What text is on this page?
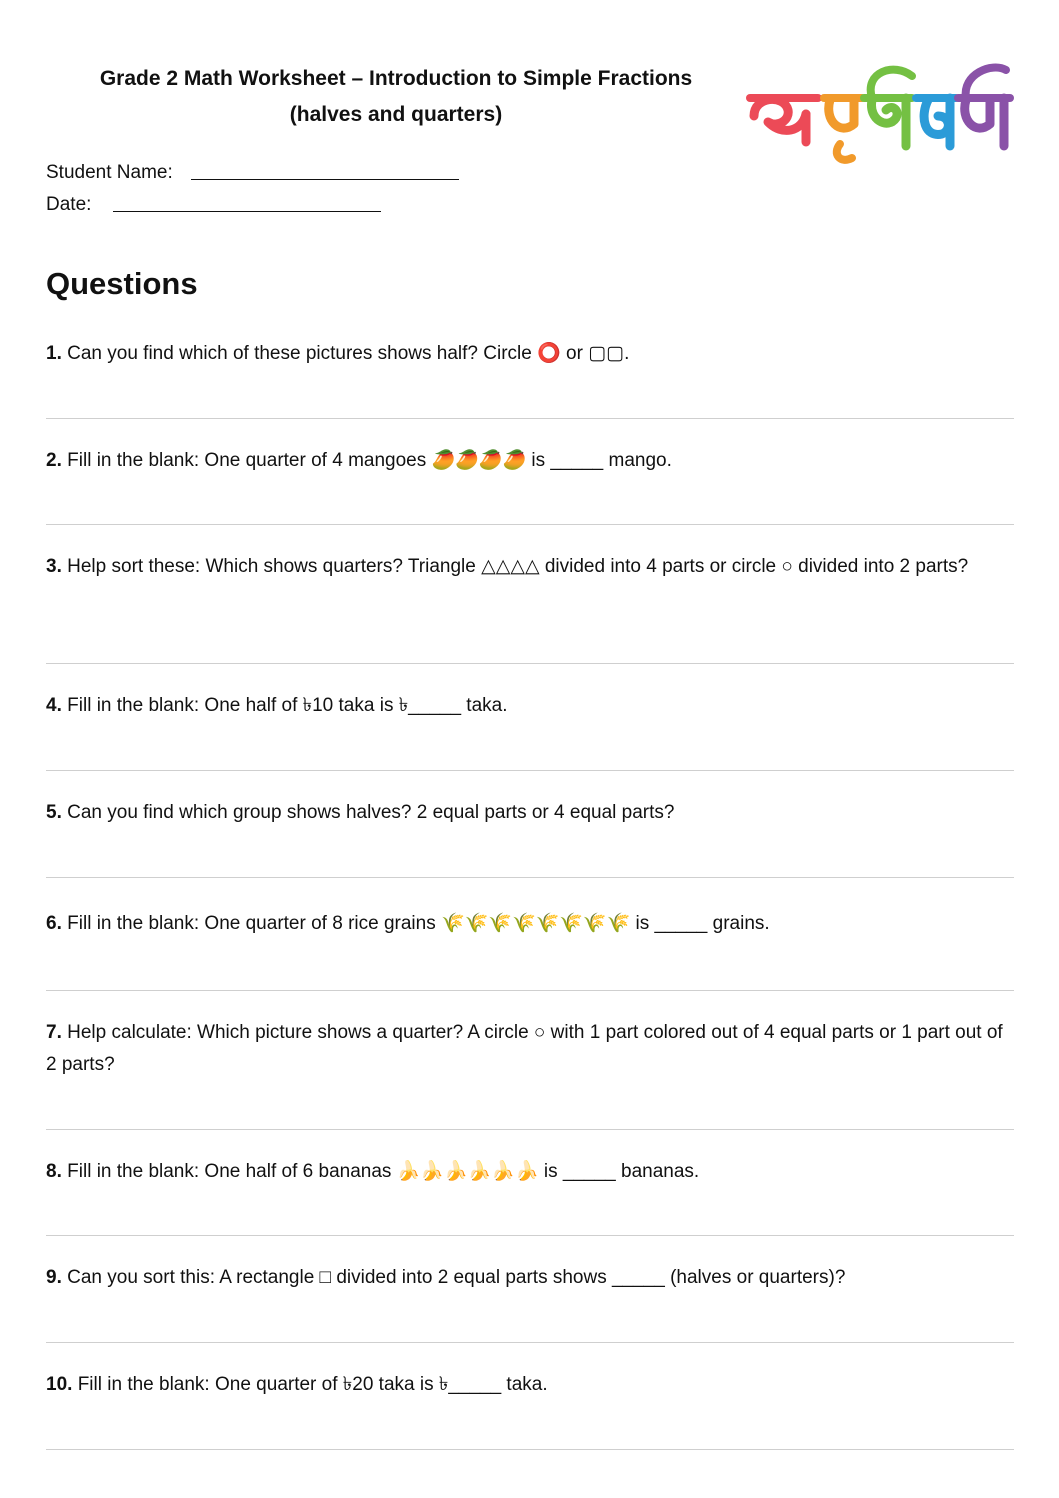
Grade 2 Math Worksheet – Introduction to Simple Fractions
(halves and quarters)
Student Name:
Date:
Questions
1. Can you find which of these pictures shows half? Circle ⭕ or ▢▢.
2. Fill in the blank: One quarter of 4 mangoes 🥭🥭🥭🥭 is _____ mango.
3. Help sort these: Which shows quarters? Triangle △△△△ divided into 4 parts or circle ○ divided into 2 parts?
4. Fill in the blank: One half of ৳10 taka is ৳_____ taka.
5. Can you find which group shows halves? 2 equal parts or 4 equal parts?
6. Fill in the blank: One quarter of 8 rice grains 🌾🌾🌾🌾🌾🌾🌾🌾 is _____ grains.
7. Help calculate: Which picture shows a quarter? A circle ○ with 1 part colored out of 4 equal parts or 1 part out of 2 parts?
8. Fill in the blank: One half of 6 bananas 🍌🍌🍌🍌🍌🍌 is _____ bananas.
9. Can you sort this: A rectangle □ divided into 2 equal parts shows _____ (halves or quarters)?
10. Fill in the blank: One quarter of ৳20 taka is ৳_____ taka.
